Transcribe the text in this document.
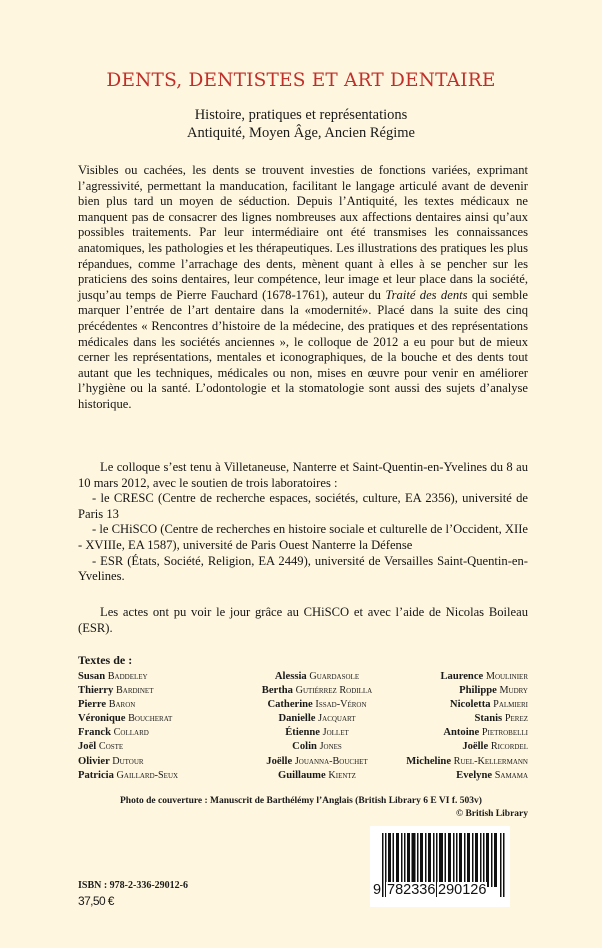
DENTS, DENTISTES ET ART DENTAIRE
Histoire, pratiques et représentations
Antiquité, Moyen Âge, Ancien Régime
Visibles ou cachées, les dents se trouvent investies de fonctions variées, exprimant l’agressivité, permettant la manducation, facilitant le langage articulé avant de devenir bien plus tard un moyen de séduction. Depuis l’Antiquité, les textes médicaux ne manquent pas de consacrer des lignes nombreuses aux affections dentaires ainsi qu’aux possibles traitements. Par leur intermédiaire ont été transmises les connaissances anatomiques, les pathologies et les thérapeutiques. Les illustrations des pratiques les plus répandues, comme l’arrachage des dents, mènent quant à elles à se pencher sur les praticiens des soins dentaires, leur compétence, leur image et leur place dans la société, jusqu’au temps de Pierre Fauchard (1678-1761), auteur du Traité des dents qui semble marquer l’entrée de l’art dentaire dans la «modernité». Placé dans la suite des cinq précédentes « Rencontres d’histoire de la médecine, des pratiques et des représentations médicales dans les sociétés anciennes », le colloque de 2012 a eu pour but de mieux cerner les représentations, mentales et iconographiques, de la bouche et des dents tout autant que les techniques, médicales ou non, mises en œuvre pour venir en améliorer l’hygiène ou la santé. L’odontologie et la stomatologie sont aussi des sujets d’analyse historique.
Le colloque s’est tenu à Villetaneuse, Nanterre et Saint-Quentin-en-Yvelines du 8 au 10 mars 2012, avec le soutien de trois laboratoires :
- le CRESC (Centre de recherche espaces, sociétés, culture, EA 2356), université de Paris 13
- le CHiSCO (Centre de recherches en histoire sociale et culturelle de l’Occident, XIIe - XVIIIe, EA 1587), université de Paris Ouest Nanterre la Défense
- ESR (États, Société, Religion, EA 2449), université de Versailles Saint-Quentin-en-Yvelines.
Les actes ont pu voir le jour grâce au CHiSCO et avec l’aide de Nicolas Boileau (ESR).
Textes de :
Susan Baddeley
Thierry Bardinet
Pierre Baron
Véronique Boucherat
Franck Collard
Joël Coste
Olivier Dutour
Patricia Gaillard-Seux
Alessia Guardasole
Bertha Gutiérrez Rodilla
Catherine Issad-Véron
Danielle Jacquart
Étienne Jollet
Colin Jones
Joëlle Jouanna-Bouchet
Guillaume Kientz
Laurence Moulinier
Philippe Mudry
Nicoletta Palmieri
Stanis Perez
Antoine Pietrobelli
Joëlle Ricordel
Micheline Ruel-Kellermann
Evelyne Samama
Photo de couverture : Manuscrit de Barthélémy l’Anglais (British Library 6 E VI f. 503v)
© British Library
ISBN : 978-2-336-29012-6
37,50 €
9 782336 290126
